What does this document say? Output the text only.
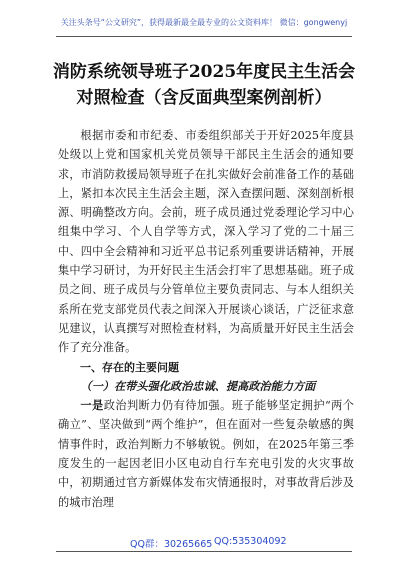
关注头条号“公文研究”，获得最新最全最专业的公文资料库！ 微信：gongwenyj
消防系统领导班子2025年度民主生活会
对照检查（含反面典型案例剖析）

根据市委和市纪委、市委组织部关于开好2025年度县处级以上党和国家机关党员领导干部民主生活会的通知要求，市消防救援局领导班子在扎实做好会前准备工作的基础上，紧扣本次民主生活会主题，深入查摆问题、深刻剖析根源、明确整改方向。会前，班子成员通过党委理论学习中心组集中学习、个人自学等方式，深入学习了党的二十届三中、四中全会精神和习近平总书记系列重要讲话精神，开展集中学习研讨，为开好民主生活会打牢了思想基础。班子成员之间、班子成员与分管单位主要负责同志、与本人组织关系所在党支部党员代表之间深入开展谈心谈话，广泛征求意见建议，认真撰写对照检查材料，为高质量开好民主生活会作了充分准备。

一、存在的主要问题

（一）在带头强化政治忠诚、提高政治能力方面

一是政治判断力仍有待加强。班子能够坚定拥护“两个确立”、坚决做到“两个维护”，但在面对一些复杂敏感的舆情事件时，政治判断力不够敏锐。例如，在2025年第三季度发生的一起因老旧小区电动自行车充电引发的火灾事故中，初期通过官方新媒体发布灾情通报时，对事故背后涉及的城市治理

QQ群：30265665 QQ:535304092
